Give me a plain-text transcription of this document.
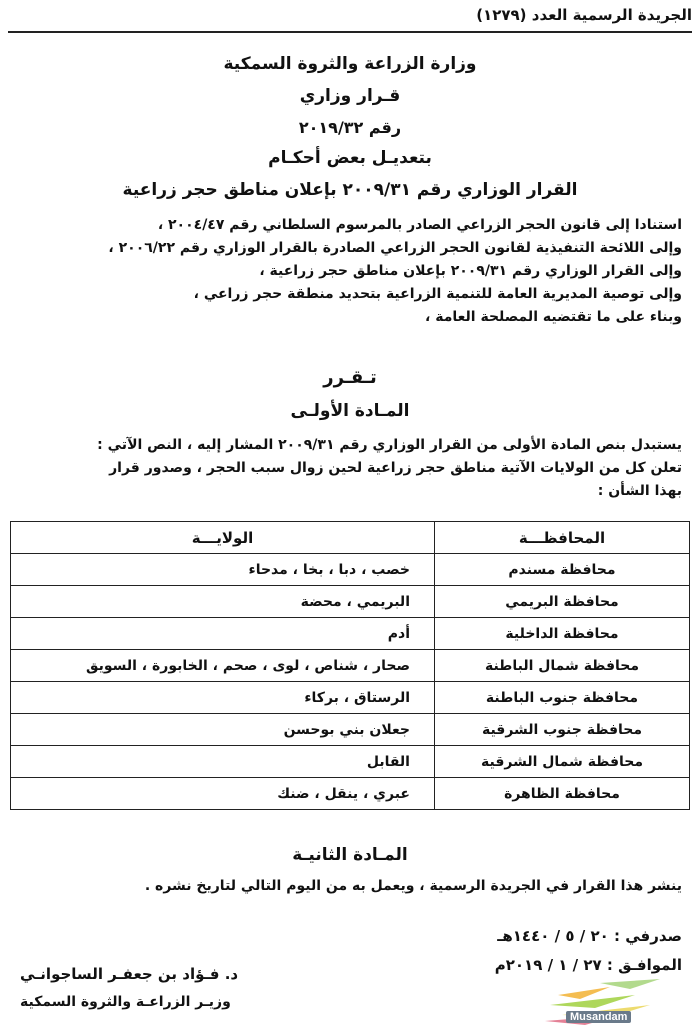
الجريدة الرسمية العدد (١٢٧٩)
وزارة الزراعة والثروة السمكية
قـرار وزاري
رقم ٢٠١٩/٣٢
بتعديـل بعض أحكـام
القرار الوزاري رقم ٢٠٠٩/٣١ بإعلان مناطق حجر زراعية
استنادا إلى قانون الحجر الزراعي الصادر بالمرسوم السلطاني رقم ٢٠٠٤/٤٧ ،
وإلى اللائحة التنفيذية لقانون الحجر الزراعي الصادرة بالقرار الوزاري رقم ٢٠٠٦/٢٢ ،
وإلى القرار الوزاري رقم ٢٠٠٩/٣١ بإعلان مناطق حجر زراعية ،
وإلى توصية المديرية العامة للتنمية الزراعية بتحديد منطقة حجر زراعي ،
وبناء على ما تقتضيه المصلحة العامة ،
تـقـرر
المـادة الأولـى
يستبدل بنص المادة الأولى من القرار الوزاري رقم ٢٠٠٩/٣١ المشار إليه ، النص الآتي :
تعلن كل من الولايات الآتية مناطق حجر زراعية لحين زوال سبب الحجر ، وصدور قرار
بهذا الشأن :
المحافظـــة	الولايـــة
محافظة مسندم	خصب ، دبا ، بخا ، مدحاء
محافظة البريمي	البريمي ، محضة
محافظة الداخلية	أدم
محافظة شمال الباطنة	صحار ، شناص ، لوى ، صحم ، الخابورة ، السويق
محافظة جنوب الباطنة	الرستاق ، بركاء
محافظة جنوب الشرقية	جعلان بني بوحسن
محافظة شمال الشرقية	القابل
محافظة الظاهرة	عبري ، ينقل ، ضنك
المـادة الثانيـة
ينشر هذا القرار في الجريدة الرسمية ، ويعمل به من اليوم التالي لتاريخ نشره .
صدرفي : ٢٠ / ٥ / ١٤٤٠هـ
الموافـق : ٢٧ / ١ / ٢٠١٩م
د. فـؤاد بن جعفـر الساجوانـي
وزيـر الزراعـة والثروة السمكية
Musandam
